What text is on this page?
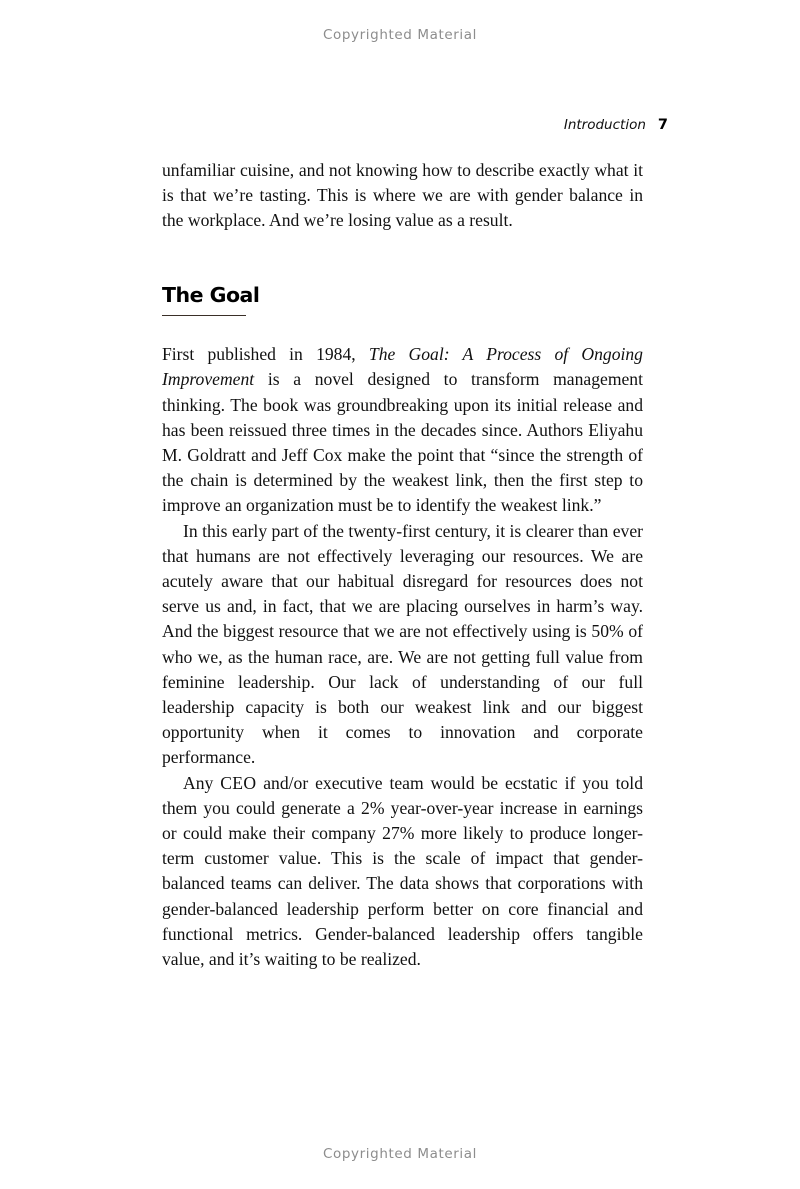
Copyrighted Material
Introduction 7

unfamiliar cuisine, and not knowing how to describe exactly what it is that we’re tasting. This is where we are with gender balance in the workplace. And we’re losing value as a result.

The Goal

First published in 1984, The Goal: A Process of Ongoing Improvement is a novel designed to transform management thinking. The book was groundbreaking upon its initial release and has been reissued three times in the decades since. Authors Eliyahu M. Goldratt and Jeff Cox make the point that “since the strength of the chain is determined by the weakest link, then the first step to improve an organization must be to identify the weakest link.”

In this early part of the twenty-first century, it is clearer than ever that humans are not effectively leveraging our resources. We are acutely aware that our habitual disregard for resources does not serve us and, in fact, that we are placing ourselves in harm’s way. And the biggest resource that we are not effectively using is 50% of who we, as the human race, are. We are not getting full value from feminine leadership. Our lack of understanding of our full leadership capacity is both our weakest link and our biggest opportunity when it comes to innovation and corporate performance.

Any CEO and/or executive team would be ecstatic if you told them you could generate a 2% year-over-year increase in earnings or could make their company 27% more likely to produce longer-term customer value. This is the scale of impact that gender-balanced teams can deliver. The data shows that corporations with gender-balanced leadership perform better on core financial and functional metrics. Gender-balanced leadership offers tangible value, and it’s waiting to be realized.

Copyrighted Material
